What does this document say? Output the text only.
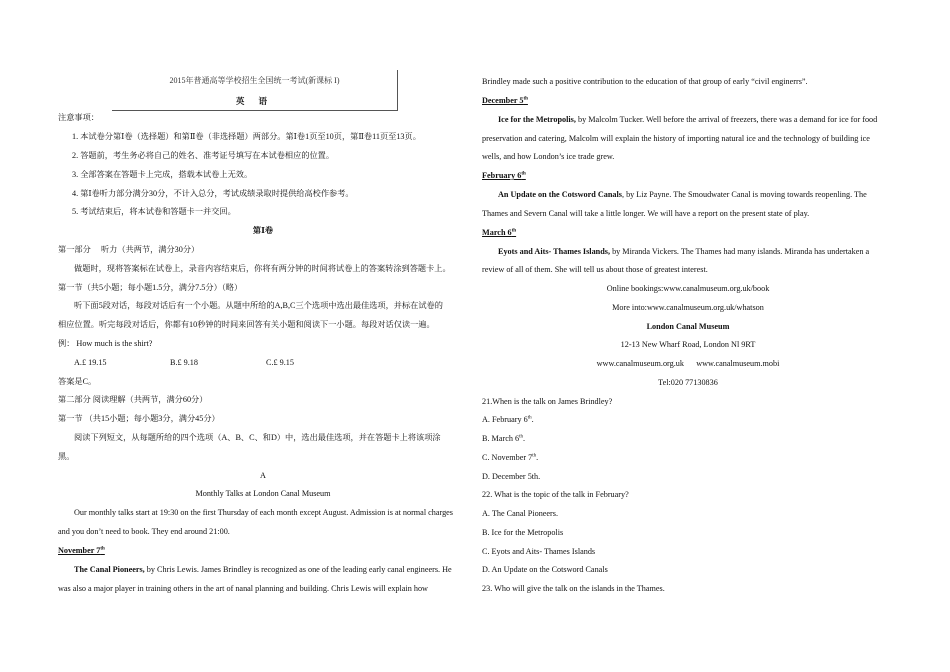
2015年普通高等学校招生全国统一考试(新课标 I)
英 语
注意事项：
1. 本试卷分第Ⅰ卷（选择题）和第Ⅱ卷（非选择题）两部分。第Ⅰ卷1页至10页，第Ⅱ卷11页至13页。
2. 答题前，考生务必将自己的姓名、准考证号填写在本试卷相应的位置。
3. 全部答案在答题卡上完成，搭载本试卷上无效。
4. 第Ⅰ卷听力部分满分30分，不计入总分，考试成绩录取时提供给高校作参考。
5. 考试结束后，将本试卷和答题卡一并交回。
第Ⅰ卷
第一部分　 听力（共两节，满分30分）
做题时，现将答案标在试卷上，录音内容结束后，你将有两分钟的时间将试卷上的答案转涂到答题卡上。
第一节（共5小题；每小题1.5分，满分7.5分）（略）
听下面5段对话，每段对话后有一个小题。从题中所给的A,B,C三个选项中选出最佳选项，并标在试卷的
相应位置。听完每段对话后，你都有10秒钟的时间来回答有关小题和阅读下一小题。每段对话仅读一遍。
例： How much is the shirt?
A.£ 19.15	B.£ 9.18	C.£ 9.15
答案是C。
第二部分 阅读理解（共两节，满分60分）
第一节 （共15小题；每小题3分，满分45分）
阅读下列短文，从每题所给的四个选项（A、B、C、和D）中，选出最佳选项，并在答题卡上将该项涂
黑。
A
Monthly Talks at London Canal Museum
Our monthly talks start at 19:30 on the first Thursday of each month except August. Admission is at normal charges
and you don’t need to book. They end around 21:00.
November 7th
The Canal Pioneers, by Chris Lewis. James Brindley is recognized as one of the leading early canal engineers. He
was also a major player in training others in the art of nanal planning and building. Chris Lewis will explain how
Brindley made such a positive contribution to the education of that group of early “civil enginerrs”.
December 5th
Ice for the Metropolis, by Malcolm Tucker. Well before the arrival of freezers, there was a demand for ice for food
preservation and catering, Malcolm will explain the history of importing natural ice and the technology of building ice
wells, and how London’s ice trade grew.
February 6th
An Update on the Cotsword Canals, by Liz Payne. The Smoudwater Canal is moving towards reopenling. The
Thames and Severn Canal will take a little longer. We will have a report on the present state of play.
March 6th
Eyots and Aits- Thames Islands, by Miranda Vickers. The Thames had many islands. Miranda has undertaken a
review of all of them. She will tell us about those of greatest interest.
Online bookings:www.canalmuseum.org.uk/book
More into:www.canalmuseum.org.uk/whatson
London Canal Museum
12-13 New Wharf Road, London Nl 9RT
www.canalmuseum.org.uk      www.canalmuseum.mobi
Tel:020 77130836
21.When is the talk on James Brindley?
A. February 6th.
B. March 6th.
C. November 7th.
D. December 5th.
22. What is the topic of the talk in February?
A. The Canal Pioneers.
B. Ice for the Metropolis
C. Eyots and Aits- Thames Islands
D. An Update on the Cotsword Canals
23. Who will give the talk on the islands in the Thames.
